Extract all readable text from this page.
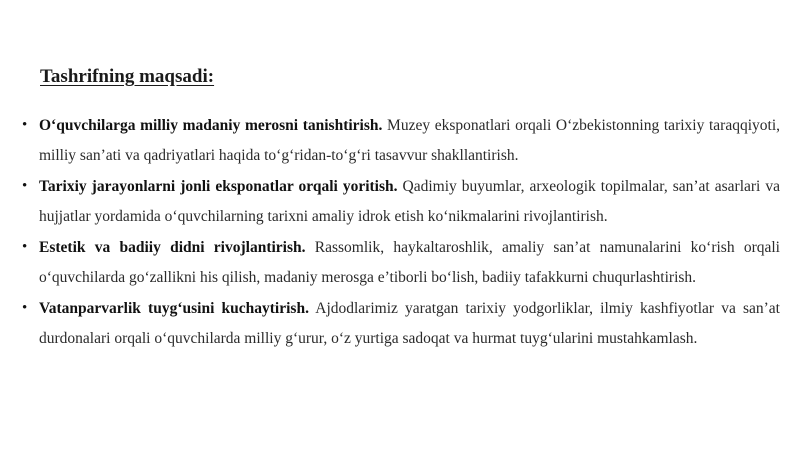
Tashrifning maqsadi:
• O‘quvchilarga milliy madaniy merosni tanishtirish. Muzey eksponatlari orqali O‘zbekistonning tarixiy taraqqiyoti, milliy san’ati va qadriyatlari haqida to‘g‘ridan-to‘g‘ri tasavvur shakllantirish.
• Tarixiy jarayonlarni jonli eksponatlar orqali yoritish. Qadimiy buyumlar, arxeologik topilmalar, san’at asarlari va hujjatlar yordamida o‘quvchilarning tarixni amaliy idrok etish ko‘nikmalarini rivojlantirish.
• Estetik va badiiy didni rivojlantirish. Rassomlik, haykaltaroshlik, amaliy san’at namunalarini ko‘rish orqali o‘quvchilarda go‘zallikni his qilish, madaniy merosga e’tiborli bo‘lish, badiiy tafakkurni chuqurlashtirish.
• Vatanparvarlik tuyg‘usini kuchaytirish. Ajdodlarimiz yaratgan tarixiy yodgorliklar, ilmiy kashfiyotlar va san’at durdonalari orqali o‘quvchilarda milliy g‘urur, o‘z yurtiga sadoqat va hurmat tuyg‘ularini mustahkamlash.
